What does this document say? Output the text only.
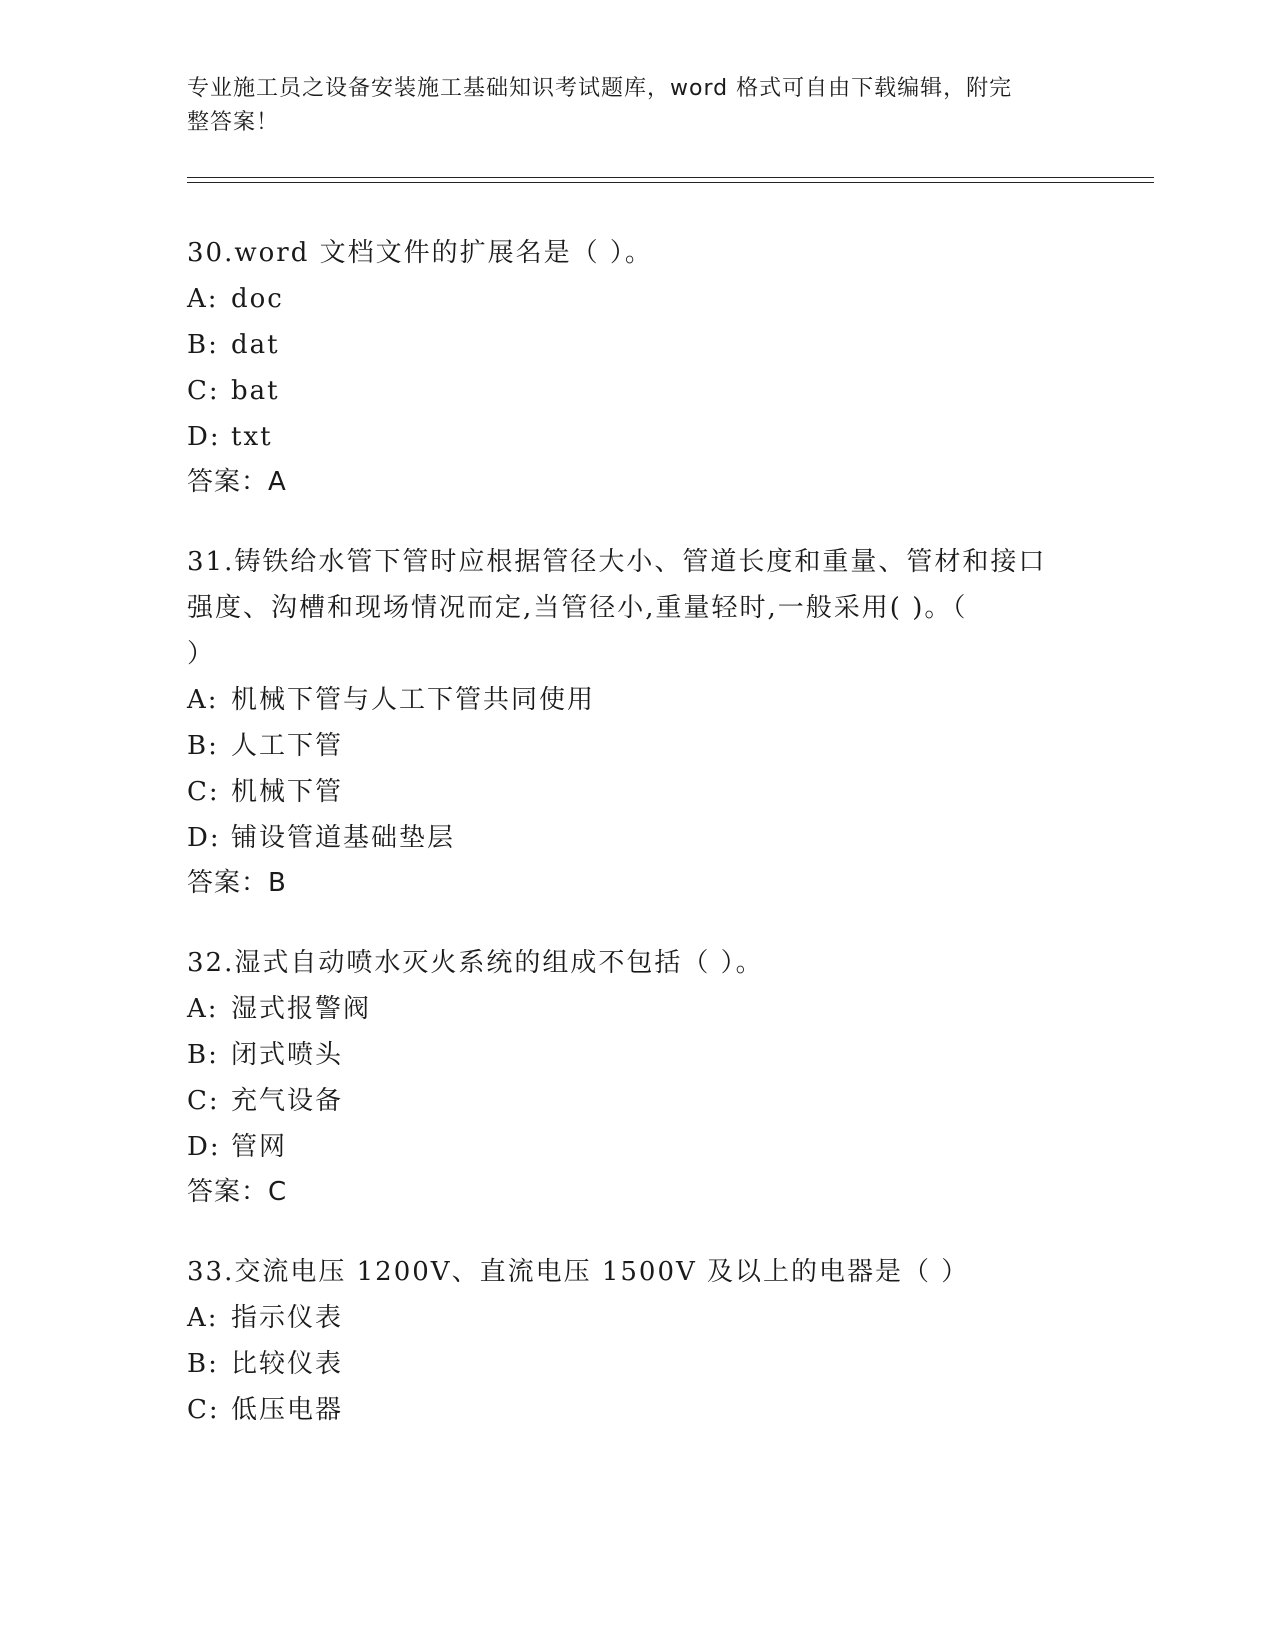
专业施工员之设备安装施工基础知识考试题库，word 格式可自由下载编辑，附完
整答案！
30.word 文档文件的扩展名是（ ）。
A: doc
B: dat
C: bat
D: txt
答案：A
31.铸铁给水管下管时应根据管径大小、管道长度和重量、管材和接口
强度、沟槽和现场情况而定,当管径小,重量轻时,一般采用( )。（
）
A: 机械下管与人工下管共同使用
B: 人工下管
C: 机械下管
D: 铺设管道基础垫层
答案：B
32.湿式自动喷水灭火系统的组成不包括（ ）。
A: 湿式报警阀
B: 闭式喷头
C: 充气设备
D: 管网
答案：C
33.交流电压 1200V、直流电压 1500V 及以上的电器是（ ）
A: 指示仪表
B: 比较仪表
C: 低压电器
